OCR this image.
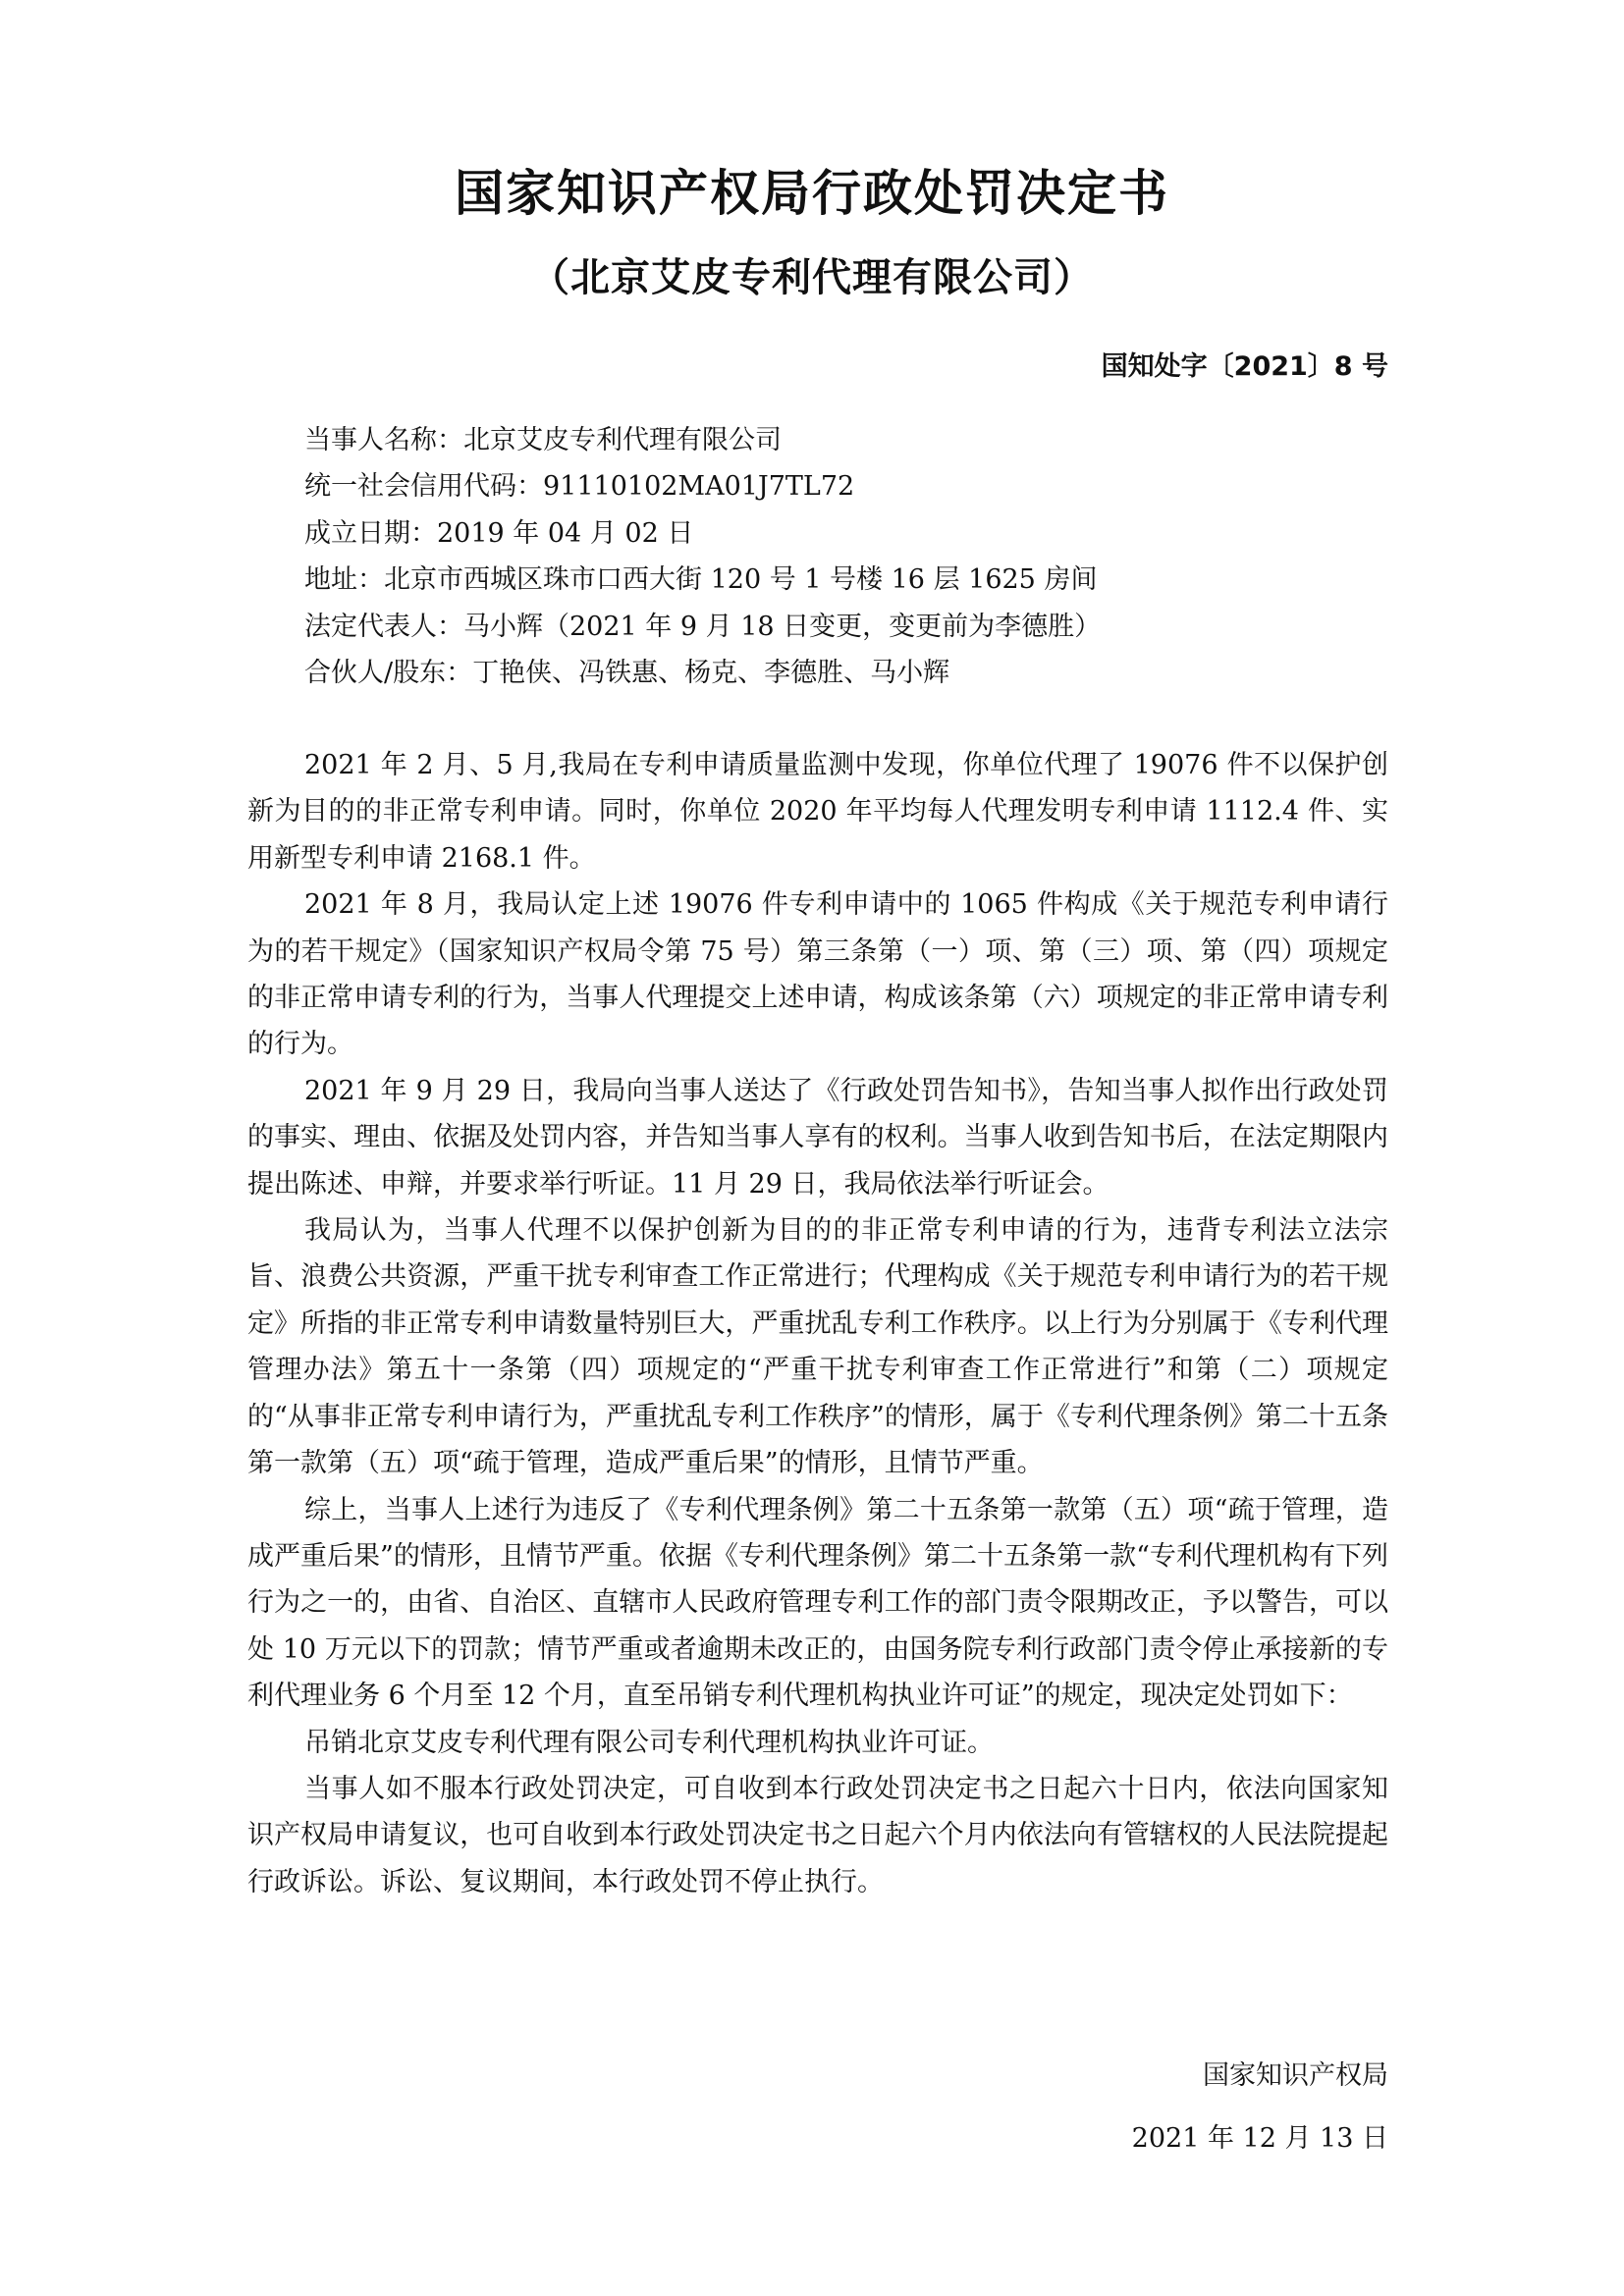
国家知识产权局行政处罚决定书
（北京艾皮专利代理有限公司）
国知处字〔2021〕8 号
当事人名称：北京艾皮专利代理有限公司
统一社会信用代码：91110102MA01J7TL72
成立日期：2019 年 04 月 02 日
地址：北京市西城区珠市口西大街 120 号 1 号楼 16 层 1625 房间
法定代表人：马小辉（2021 年 9 月 18 日变更，变更前为李德胜）
合伙人/股东：丁艳侠、冯铁惠、杨克、李德胜、马小辉

2021 年 2 月、5 月,我局在专利申请质量监测中发现，你单位代理了 19076 件不以保护创新为目的的非正常专利申请。同时，你单位 2020 年平均每人代理发明专利申请 1112.4 件、实用新型专利申请 2168.1 件。

2021 年 8 月，我局认定上述 19076 件专利申请中的 1065 件构成《关于规范专利申请行为的若干规定》（国家知识产权局令第 75 号）第三条第（一）项、第（三）项、第（四）项规定的非正常申请专利的行为，当事人代理提交上述申请，构成该条第（六）项规定的非正常申请专利的行为。

2021 年 9 月 29 日，我局向当事人送达了《行政处罚告知书》，告知当事人拟作出行政处罚的事实、理由、依据及处罚内容，并告知当事人享有的权利。当事人收到告知书后，在法定期限内提出陈述、申辩，并要求举行听证。11 月 29 日，我局依法举行听证会。

我局认为，当事人代理不以保护创新为目的的非正常专利申请的行为，违背专利法立法宗旨、浪费公共资源，严重干扰专利审查工作正常进行；代理构成《关于规范专利申请行为的若干规定》所指的非正常专利申请数量特别巨大，严重扰乱专利工作秩序。以上行为分别属于《专利代理管理办法》第五十一条第（四）项规定的“严重干扰专利审查工作正常进行”和第（二）项规定的“从事非正常专利申请行为，严重扰乱专利工作秩序”的情形，属于《专利代理条例》第二十五条第一款第（五）项“疏于管理，造成严重后果”的情形，且情节严重。

综上，当事人上述行为违反了《专利代理条例》第二十五条第一款第（五）项“疏于管理，造成严重后果”的情形，且情节严重。依据《专利代理条例》第二十五条第一款“专利代理机构有下列行为之一的，由省、自治区、直辖市人民政府管理专利工作的部门责令限期改正，予以警告，可以处 10 万元以下的罚款；情节严重或者逾期未改正的，由国务院专利行政部门责令停止承接新的专利代理业务 6 个月至 12 个月，直至吊销专利代理机构执业许可证”的规定，现决定处罚如下：

吊销北京艾皮专利代理有限公司专利代理机构执业许可证。

当事人如不服本行政处罚决定，可自收到本行政处罚决定书之日起六十日内，依法向国家知识产权局申请复议，也可自收到本行政处罚决定书之日起六个月内依法向有管辖权的人民法院提起行政诉讼。诉讼、复议期间，本行政处罚不停止执行。

国家知识产权局
2021 年 12 月 13 日
